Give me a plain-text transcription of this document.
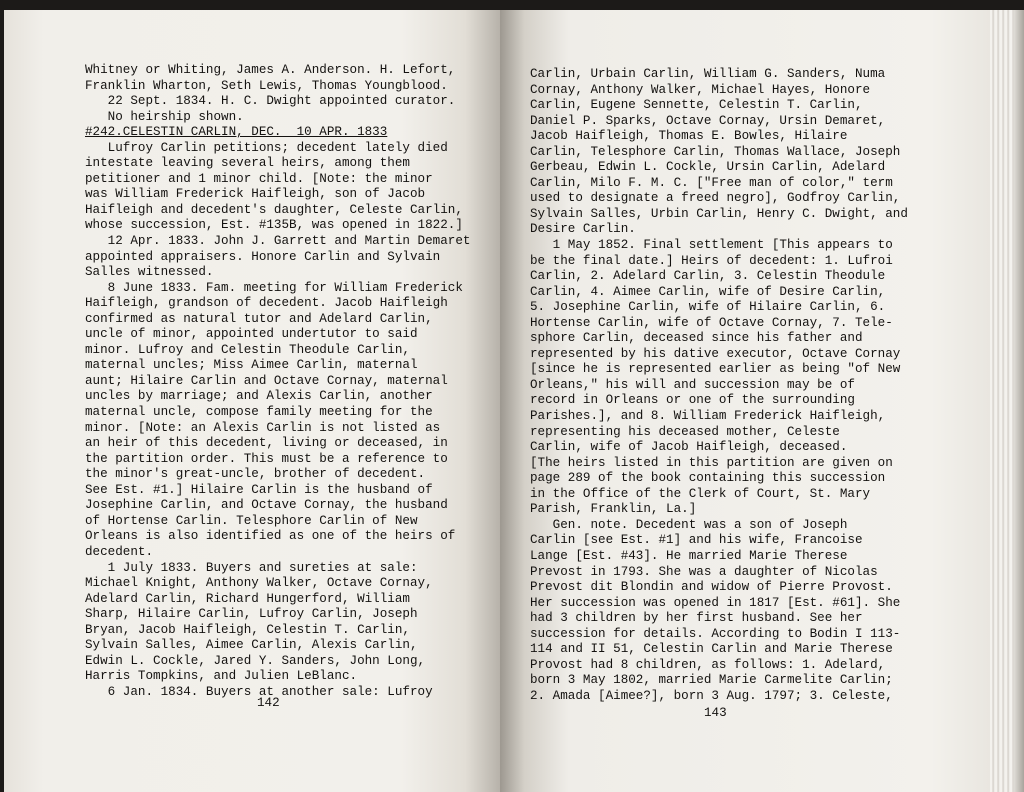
Whitney or Whiting, James A. Anderson. H. Lefort,
Franklin Wharton, Seth Lewis, Thomas Youngblood.
22 Sept. 1834. H. C. Dwight appointed curator.
No heirship shown.
#242.CELESTIN CARLIN, DEC.  10 APR. 1833
Lufroy Carlin petitions; decedent lately died
intestate leaving several heirs, among them
petitioner and 1 minor child. [Note: the minor
was William Frederick Haifleigh, son of Jacob
Haifleigh and decedent's daughter, Celeste Carlin,
whose succession, Est. #135B, was opened in 1822.]
12 Apr. 1833. John J. Garrett and Martin Demaret
appointed appraisers. Honore Carlin and Sylvain
Salles witnessed.
8 June 1833. Fam. meeting for William Frederick
Haifleigh, grandson of decedent. Jacob Haifleigh
confirmed as natural tutor and Adelard Carlin,
uncle of minor, appointed undertutor to said
minor. Lufroy and Celestin Theodule Carlin,
maternal uncles; Miss Aimee Carlin, maternal
aunt; Hilaire Carlin and Octave Cornay, maternal
uncles by marriage; and Alexis Carlin, another
maternal uncle, compose family meeting for the
minor. [Note: an Alexis Carlin is not listed as
an heir of this decedent, living or deceased, in
the partition order. This must be a reference to
the minor's great-uncle, brother of decedent.
See Est. #1.] Hilaire Carlin is the husband of
Josephine Carlin, and Octave Cornay, the husband
of Hortense Carlin. Telesphore Carlin of New
Orleans is also identified as one of the heirs of
decedent.
1 July 1833. Buyers and sureties at sale:
Michael Knight, Anthony Walker, Octave Cornay,
Adelard Carlin, Richard Hungerford, William
Sharp, Hilaire Carlin, Lufroy Carlin, Joseph
Bryan, Jacob Haifleigh, Celestin T. Carlin,
Sylvain Salles, Aimee Carlin, Alexis Carlin,
Edwin L. Cockle, Jared Y. Sanders, John Long,
Harris Tompkins, and Julien LeBlanc.
6 Jan. 1834. Buyers at another sale: Lufroy
142
Carlin, Urbain Carlin, William G. Sanders, Numa
Cornay, Anthony Walker, Michael Hayes, Honore
Carlin, Eugene Sennette, Celestin T. Carlin,
Daniel P. Sparks, Octave Cornay, Ursin Demaret,
Jacob Haifleigh, Thomas E. Bowles, Hilaire
Carlin, Telesphore Carlin, Thomas Wallace, Joseph
Gerbeau, Edwin L. Cockle, Ursin Carlin, Adelard
Carlin, Milo F. M. C. ["Free man of color," term
used to designate a freed negro], Godfroy Carlin,
Sylvain Salles, Urbin Carlin, Henry C. Dwight, and
Desire Carlin.
1 May 1852. Final settlement [This appears to
be the final date.] Heirs of decedent: 1. Lufroi
Carlin, 2. Adelard Carlin, 3. Celestin Theodule
Carlin, 4. Aimee Carlin, wife of Desire Carlin,
5. Josephine Carlin, wife of Hilaire Carlin, 6.
Hortense Carlin, wife of Octave Cornay, 7. Tele-
sphore Carlin, deceased since his father and
represented by his dative executor, Octave Cornay
[since he is represented earlier as being "of New
Orleans," his will and succession may be of
record in Orleans or one of the surrounding
Parishes.], and 8. William Frederick Haifleigh,
representing his deceased mother, Celeste
Carlin, wife of Jacob Haifleigh, deceased.
[The heirs listed in this partition are given on
page 289 of the book containing this succession
in the Office of the Clerk of Court, St. Mary
Parish, Franklin, La.]
Gen. note. Decedent was a son of Joseph
Carlin [see Est. #1] and his wife, Francoise
Lange [Est. #43]. He married Marie Therese
Prevost in 1793. She was a daughter of Nicolas
Prevost dit Blondin and widow of Pierre Provost.
Her succession was opened in 1817 [Est. #61]. She
had 3 children by her first husband. See her
succession for details. According to Bodin I 113-
114 and II 51, Celestin Carlin and Marie Therese
Provost had 8 children, as follows: 1. Adelard,
born 3 May 1802, married Marie Carmelite Carlin;
2. Amada [Aimee?], born 3 Aug. 1797; 3. Celeste,
143
